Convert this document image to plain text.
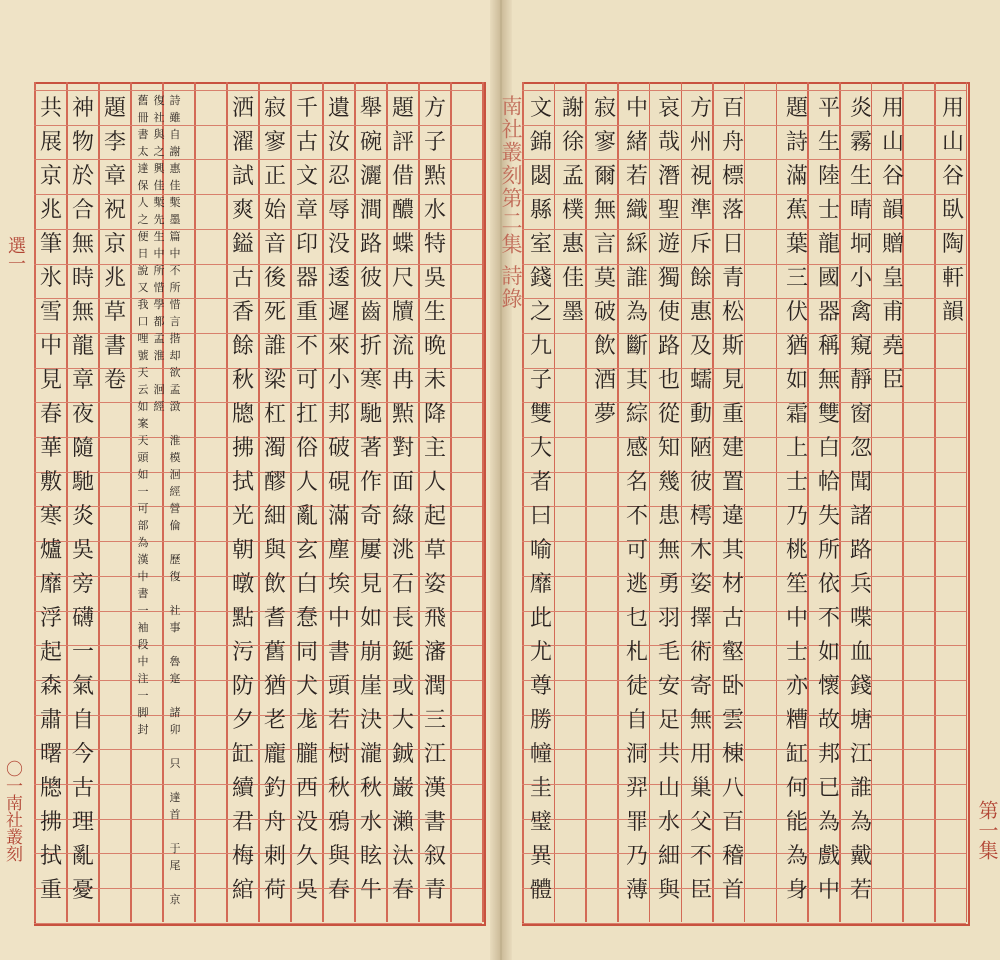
選一
〇一南社叢刻	第一集
南社叢刻第二集 詩錄
共
展
京
兆
筆
氷
雪
中
見
春
華
敷
寒
爐
靡
浮
起
森
肅
曙
牕
拂
拭
重
神
物
於
合
無
時
無
龍
章
夜
隨
馳
炎
吳
旁
礴
一
氣
自
今
古
理
亂
憂
題
李
章
祝
京
兆
草
書
卷
舊
冊
書
太
達
保
人
之
便
日
說
又
我
口
哩
號
天
云
如
案
天
頭
如
一
可
部
為
漢
中
書
一
袖
段
中
注
一
脚
封
復
社
與
之
興
佳
槧
先
生
中
所
惜
學
都
孟
淮
洄
經
詩
雖
自
謝
惠
佳
槧
墨
篇
中
不
所
惜
言
揩
却
欲
孟
㴛
淮
模
洄
經
營
倫
歷
復
社
事
魯
寔
諸
卯
只
達
首
于
尾
京
洒
濯
試
爽
鎰
古
香
餘
秋
牕
拂
拭
光
朝
暾
點
污
防
夕
缸
續
君
梅
綰
寂
寥
正
始
音
後
死
誰
梁
杠
濁
醪
細
與
飲
耆
舊
猶
老
龐
釣
舟
刺
荷
千
古
文
章
印
器
重
不
可
扛
俗
人
亂
玄
白
惷
同
犬
尨
朧
西
没
久
吳
遺
汝
忍
辱
没
逶
遲
來
小
邦
破
硯
滿
塵
埃
中
書
頭
若
𣗳
秋
鴉
與
春
舉
碗
灑
澗
路
彼
齒
折
寒
馳
著
作
奇
屢
見
如
崩
崖
決
瀧
秋
水
眩
牛
題
評
借
醲
蝶
尺
牘
流
冉
㸃
對
面
綠
洮
石
長
鋋
或
大
鋮
巌
瀨
汰
春
方
子
㸃
水
特
吳
生
晩
未
降
主
人
起
草
姿
飛
瀋
潤
三
江
漢
書
叙
青
文
錦
閟
縣
室
錢
之
九
子
雙
大
者
曰
喻
靡
此
尤
尊
勝
幢
圭
璧
異
體
謝
徐
孟
樸
惠
佳
墨
寂
寥
爾
無
言
莫
破
飲
酒
夢
中
緒
若
織
綵
誰
為
斷
其
綜
感
名
不
可
逃
乜
札
徒
自
洞
羿
罪
乃
薄
哀
哉
潛
聖
遊
獨
使
路
也
從
知
幾
患
無
勇
羽
毛
安
足
共
山
水
細
與
方
州
視
準
斥
餘
惠
及
蠕
動
陋
彼
樗
木
姿
擇
術
寄
無
用
巢
父
不
臣
百
舟
標
落
日
青
松
斯
見
重
建
置
違
其
材
古
壑
卧
雲
棟
八
百
稽
首
題
詩
滿
蕉
葉
三
伏
猶
如
霜
上
士
乃
桃
笙
中
士
亦
糟
缸
何
能
為
身
平
生
陸
士
龍
國
器
稱
無
雙
白
帢
失
所
依
不
如
懷
故
邦
已
為
戲
中
炎
霧
生
晴
坰
小
禽
窺
靜
窗
忽
聞
諸
路
兵
喋
血
錢
塘
江
誰
為
戴
若
用
山
谷
臥
陶
軒
韻
用
山
谷
韻
贈
皇
甫
堯
臣
